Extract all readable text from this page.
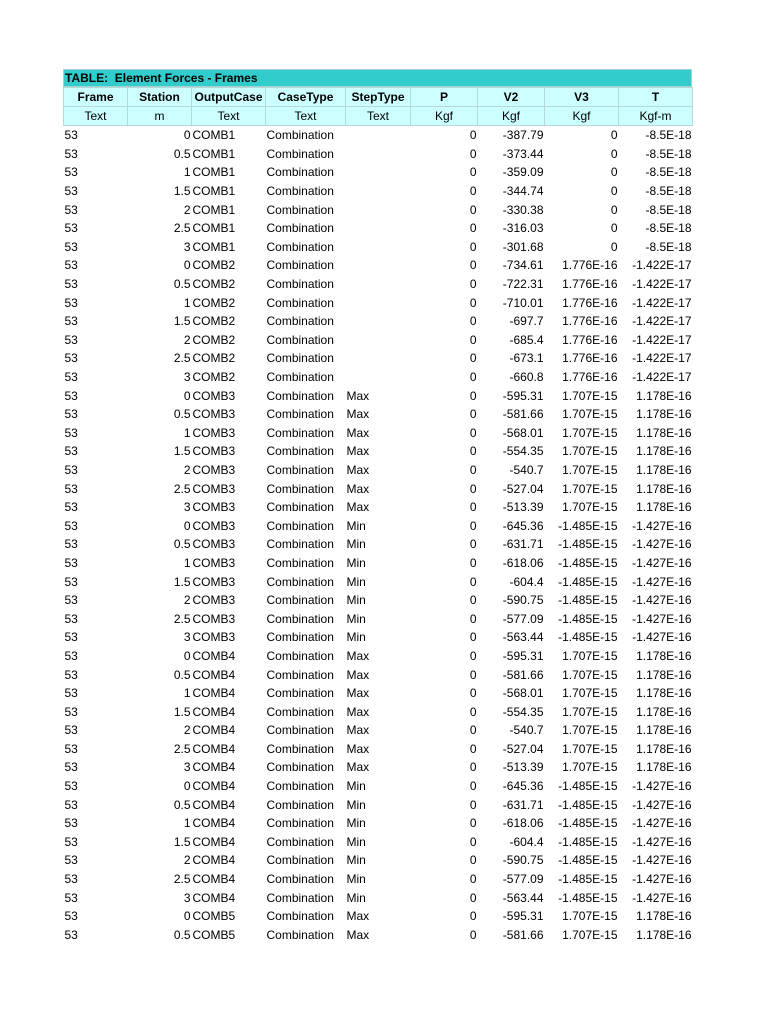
TABLE:  Element Forces - Frames
Frame	Station	OutputCase	CaseType	StepType	P	V2	V3	T
Text	m	Text	Text	Text	Kgf	Kgf	Kgf	Kgf-m
53	0	COMB1	Combination		0	-387.79	0	-8.5E-18
53	0.5	COMB1	Combination		0	-373.44	0	-8.5E-18
53	1	COMB1	Combination		0	-359.09	0	-8.5E-18
53	1.5	COMB1	Combination		0	-344.74	0	-8.5E-18
53	2	COMB1	Combination		0	-330.38	0	-8.5E-18
53	2.5	COMB1	Combination		0	-316.03	0	-8.5E-18
53	3	COMB1	Combination		0	-301.68	0	-8.5E-18
53	0	COMB2	Combination		0	-734.61	1.776E-16	-1.422E-17
53	0.5	COMB2	Combination		0	-722.31	1.776E-16	-1.422E-17
53	1	COMB2	Combination		0	-710.01	1.776E-16	-1.422E-17
53	1.5	COMB2	Combination		0	-697.7	1.776E-16	-1.422E-17
53	2	COMB2	Combination		0	-685.4	1.776E-16	-1.422E-17
53	2.5	COMB2	Combination		0	-673.1	1.776E-16	-1.422E-17
53	3	COMB2	Combination		0	-660.8	1.776E-16	-1.422E-17
53	0	COMB3	Combination	Max	0	-595.31	1.707E-15	1.178E-16
53	0.5	COMB3	Combination	Max	0	-581.66	1.707E-15	1.178E-16
53	1	COMB3	Combination	Max	0	-568.01	1.707E-15	1.178E-16
53	1.5	COMB3	Combination	Max	0	-554.35	1.707E-15	1.178E-16
53	2	COMB3	Combination	Max	0	-540.7	1.707E-15	1.178E-16
53	2.5	COMB3	Combination	Max	0	-527.04	1.707E-15	1.178E-16
53	3	COMB3	Combination	Max	0	-513.39	1.707E-15	1.178E-16
53	0	COMB3	Combination	Min	0	-645.36	-1.485E-15	-1.427E-16
53	0.5	COMB3	Combination	Min	0	-631.71	-1.485E-15	-1.427E-16
53	1	COMB3	Combination	Min	0	-618.06	-1.485E-15	-1.427E-16
53	1.5	COMB3	Combination	Min	0	-604.4	-1.485E-15	-1.427E-16
53	2	COMB3	Combination	Min	0	-590.75	-1.485E-15	-1.427E-16
53	2.5	COMB3	Combination	Min	0	-577.09	-1.485E-15	-1.427E-16
53	3	COMB3	Combination	Min	0	-563.44	-1.485E-15	-1.427E-16
53	0	COMB4	Combination	Max	0	-595.31	1.707E-15	1.178E-16
53	0.5	COMB4	Combination	Max	0	-581.66	1.707E-15	1.178E-16
53	1	COMB4	Combination	Max	0	-568.01	1.707E-15	1.178E-16
53	1.5	COMB4	Combination	Max	0	-554.35	1.707E-15	1.178E-16
53	2	COMB4	Combination	Max	0	-540.7	1.707E-15	1.178E-16
53	2.5	COMB4	Combination	Max	0	-527.04	1.707E-15	1.178E-16
53	3	COMB4	Combination	Max	0	-513.39	1.707E-15	1.178E-16
53	0	COMB4	Combination	Min	0	-645.36	-1.485E-15	-1.427E-16
53	0.5	COMB4	Combination	Min	0	-631.71	-1.485E-15	-1.427E-16
53	1	COMB4	Combination	Min	0	-618.06	-1.485E-15	-1.427E-16
53	1.5	COMB4	Combination	Min	0	-604.4	-1.485E-15	-1.427E-16
53	2	COMB4	Combination	Min	0	-590.75	-1.485E-15	-1.427E-16
53	2.5	COMB4	Combination	Min	0	-577.09	-1.485E-15	-1.427E-16
53	3	COMB4	Combination	Min	0	-563.44	-1.485E-15	-1.427E-16
53	0	COMB5	Combination	Max	0	-595.31	1.707E-15	1.178E-16
53	0.5	COMB5	Combination	Max	0	-581.66	1.707E-15	1.178E-16
